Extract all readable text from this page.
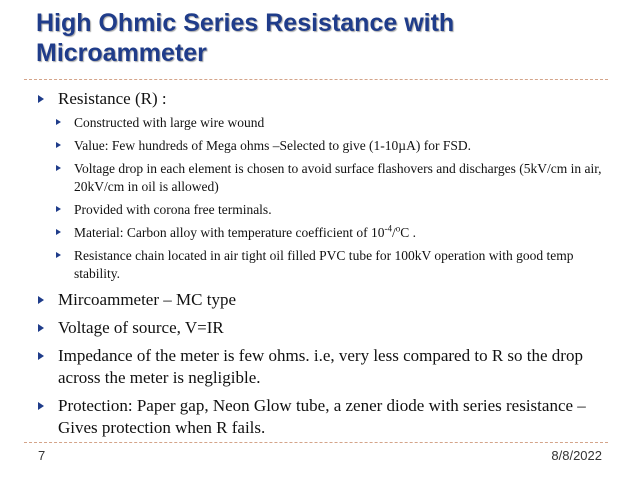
High Ohmic Series Resistance with
Microammeter
Resistance (R) :
Constructed with large wire wound
Value: Few hundreds of Mega ohms –Selected to give (1-10µA) for FSD.
Voltage drop in each element is chosen to avoid surface flashovers and discharges (5kV/cm in air, 20kV/cm in oil is allowed)
Provided with corona free terminals.
Material: Carbon alloy with temperature coefficient of $10^{-4}/^oC$ .
Resistance chain located in air tight oil filled PVC tube for 100kV operation with good temp stability.
Mircoammeter – MC type
Voltage of source, V=IR
Impedance of the meter is few ohms. i.e, very less compared to R so the drop across the meter is negligible.
Protection: Paper gap, Neon Glow tube, a zener diode with series resistance – Gives protection when R fails.
7	8/8/2022
